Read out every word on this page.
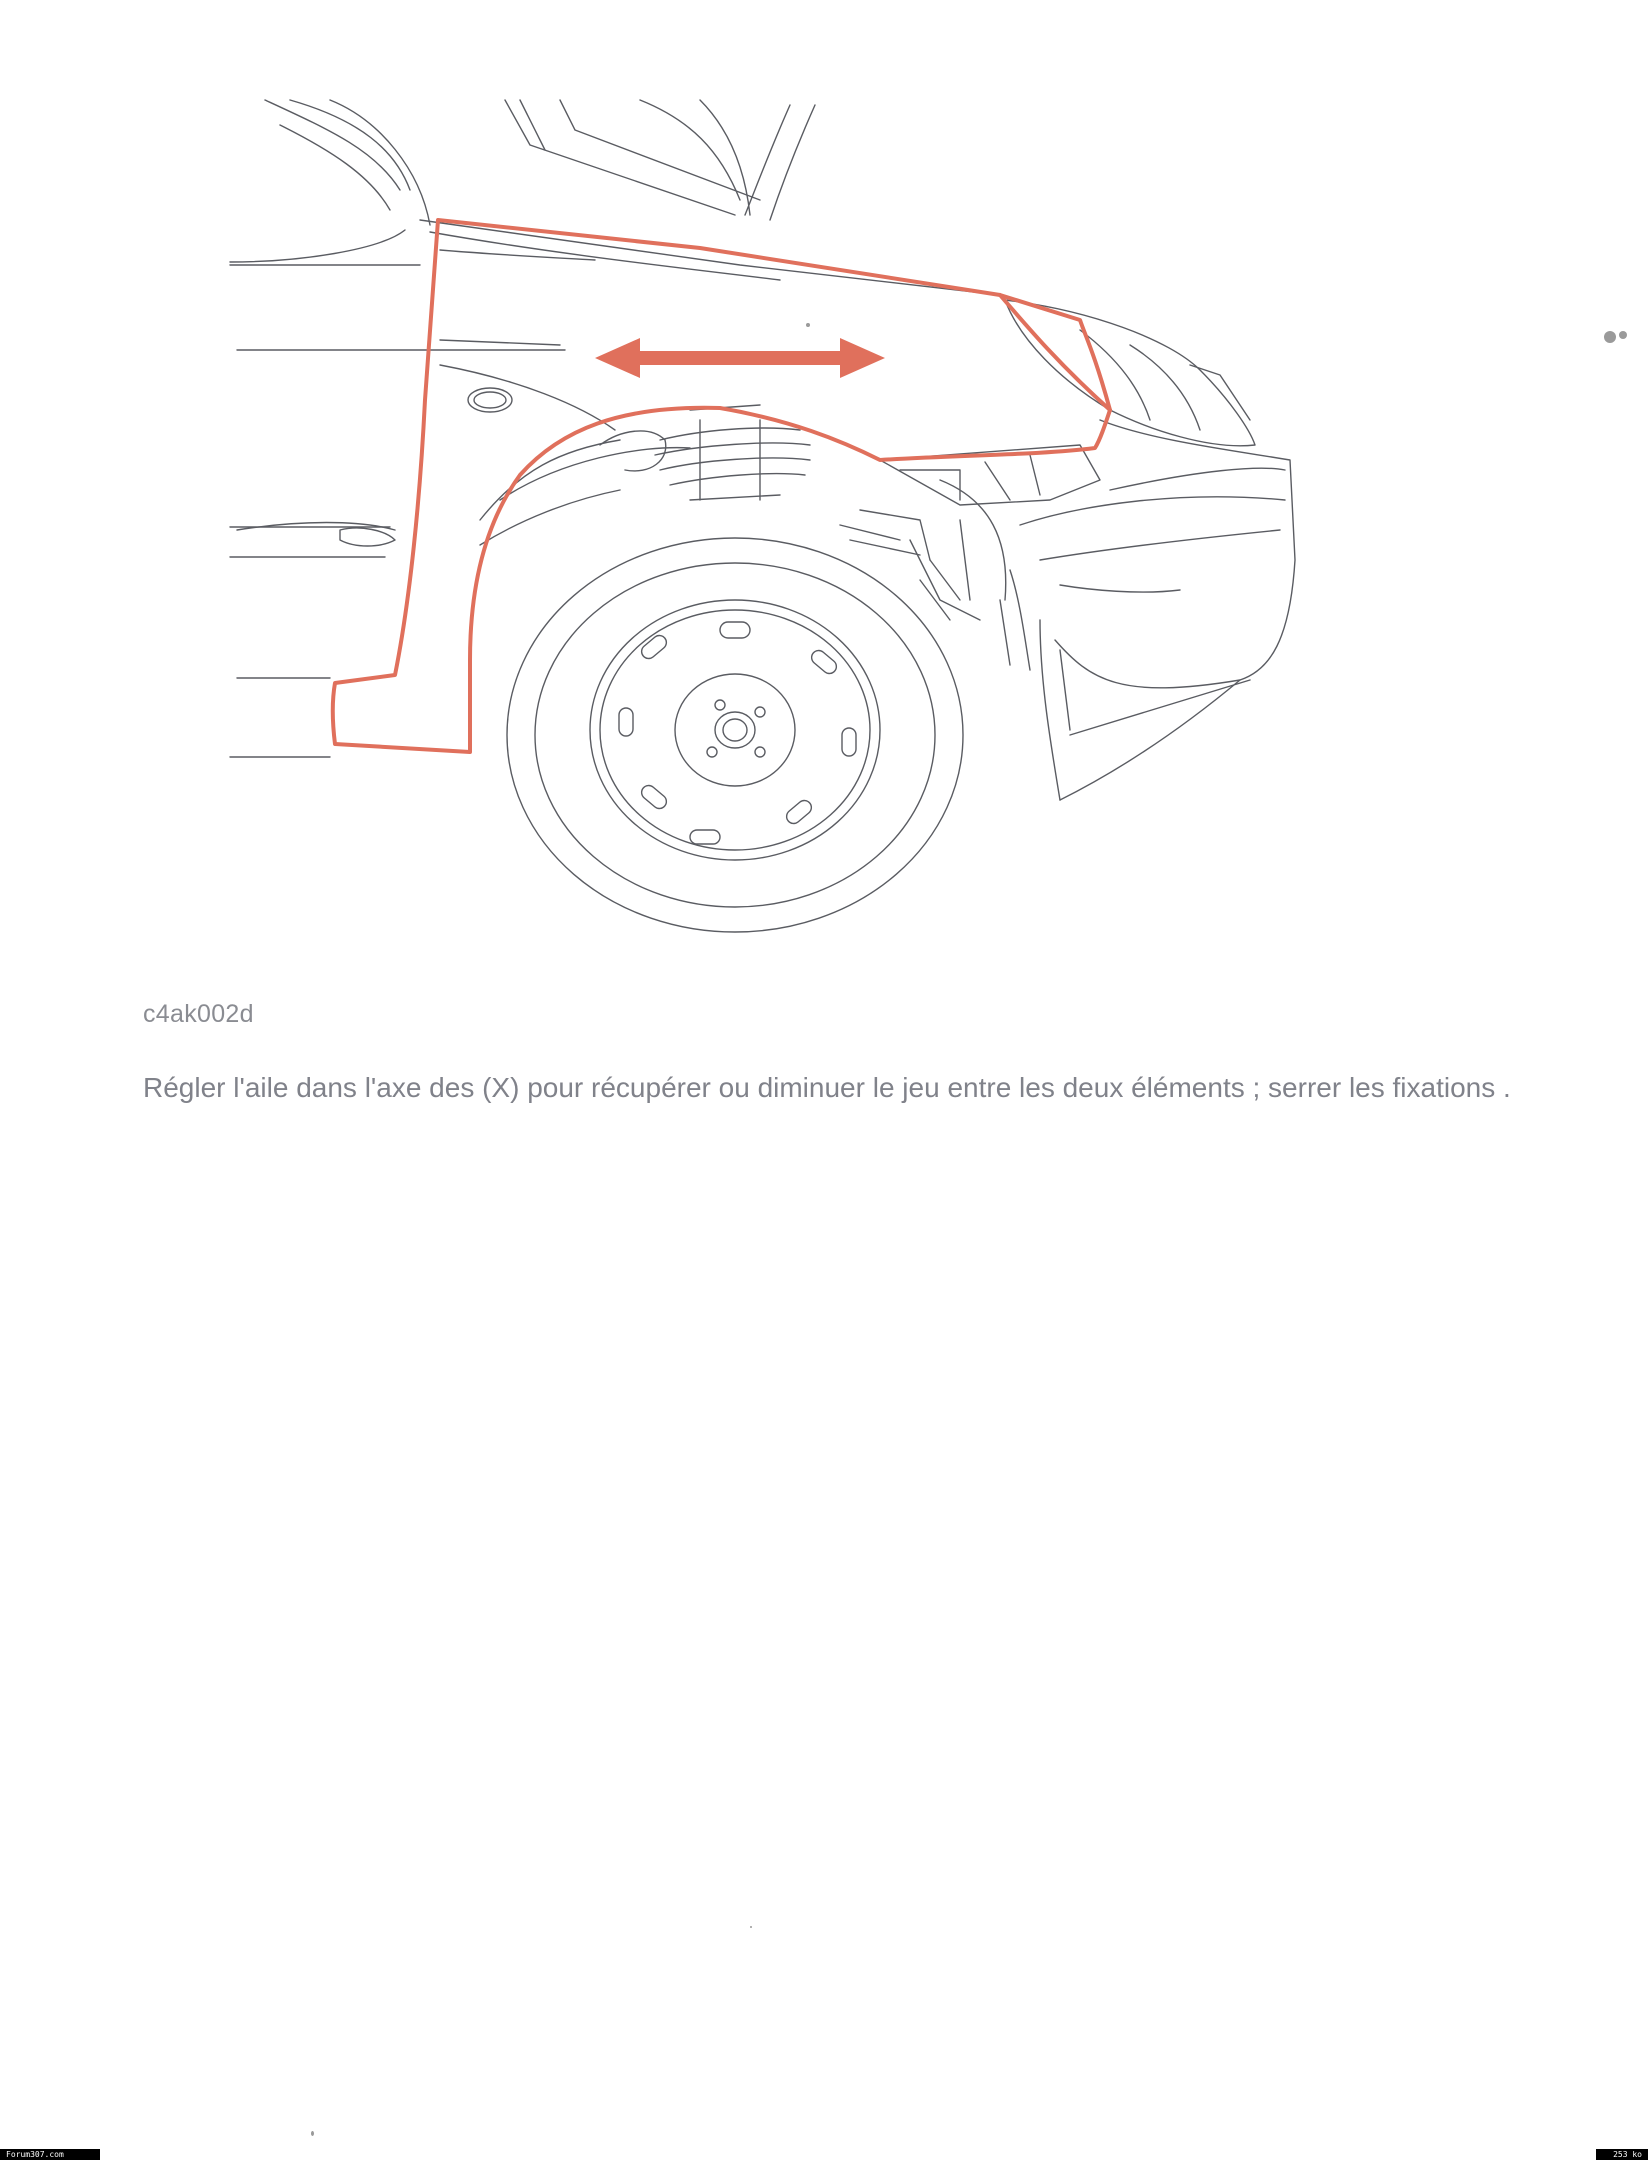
c4ak002d
Régler l'aile dans l'axe des (X) pour récupérer ou diminuer le jeu entre les deux éléments ; serrer les fixations .
Forum307.com	253 ko
